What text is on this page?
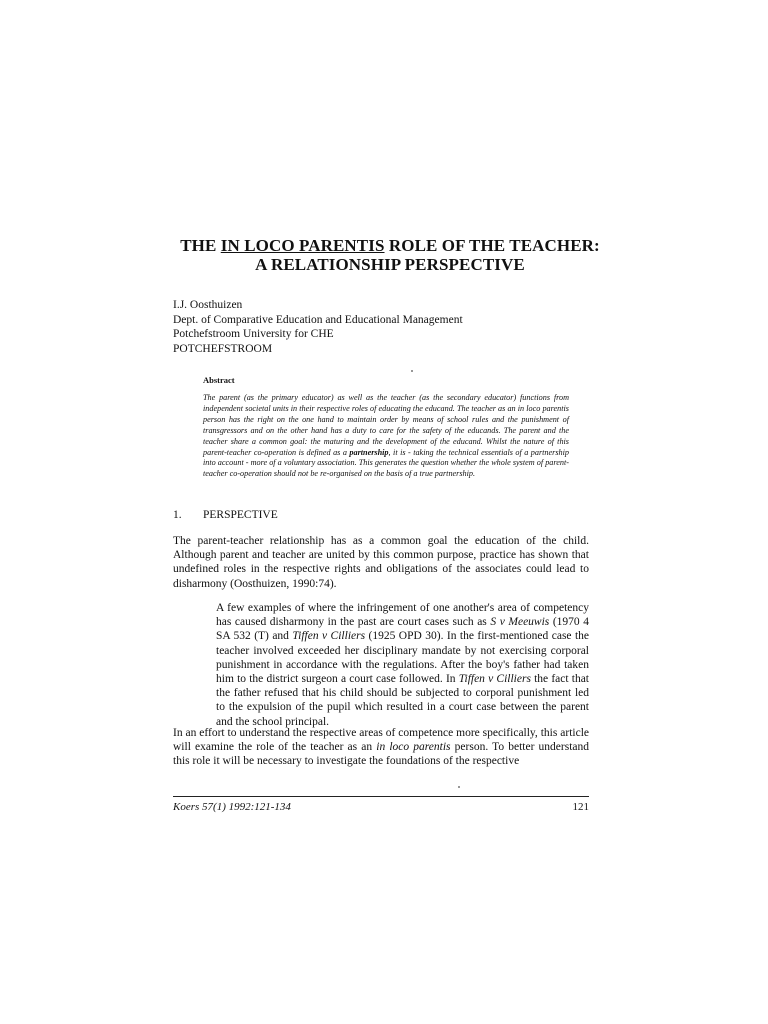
THE IN LOCO PARENTIS ROLE OF THE TEACHER:
A RELATIONSHIP PERSPECTIVE
I.J. Oosthuizen
Dept. of Comparative Education and Educational Management
Potchefstroom University for CHE
POTCHEFSTROOM
Abstract
The parent (as the primary educator) as well as the teacher (as the secondary educator) functions from independent societal units in their respective roles of educating the educand. The teacher as an in loco parentis person has the right on the one hand to maintain order by means of school rules and the punishment of transgressors and on the other hand has a duty to care for the safety of the educands. The parent and the teacher share a common goal: the maturing and the development of the educand. Whilst the nature of this parent-teacher co-operation is defined as a partnership, it is - taking the technical essentials of a partnership into account - more of a voluntary association. This generates the question whether the whole system of parent-teacher co-operation should not be re-organised on the basis of a true partnership.
1. PERSPECTIVE
The parent-teacher relationship has as a common goal the education of the child. Although parent and teacher are united by this common purpose, practice has shown that undefined roles in the respective rights and obligations of the associates could lead to disharmony (Oosthuizen, 1990:74).
A few examples of where the infringement of one another's area of competency has caused disharmony in the past are court cases such as S v Meeuwis (1970 4 SA 532 (T) and Tiffen v Cilliers (1925 OPD 30). In the first-mentioned case the teacher involved exceeded her disciplinary mandate by not exercising corporal punishment in accordance with the regulations. After the boy's father had taken him to the district surgeon a court case followed. In Tiffen v Cilliers the fact that the father refused that his child should be subjected to corporal punishment led to the expulsion of the pupil which resulted in a court case between the parent and the school principal.
In an effort to understand the respective areas of competence more specifically, this article will examine the role of the teacher as an in loco parentis person. To better understand this role it will be necessary to investigate the foundations of the respective
Koers 57(1) 1992:121-134	121
